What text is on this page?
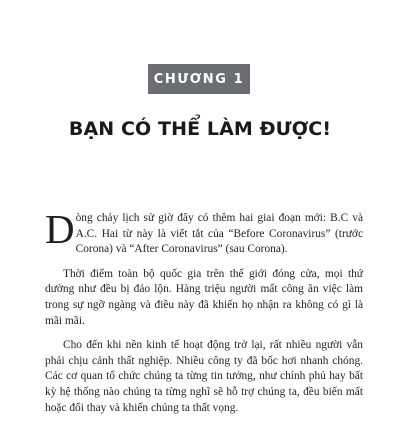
CHƯƠNG 1
BẠN CÓ THỂ LÀM ĐƯỢC!

Dòng chảy lịch sử giờ đây có thêm hai giai đoạn mới: B.C và A.C. Hai từ này là viết tắt của “Before Coronavirus” (trước Corona) và “After Coronavirus” (sau Corona).

Thời điểm toàn bộ quốc gia trên thế giới đóng cửa, mọi thứ dường như đều bị đảo lộn. Hàng triệu người mất công ăn việc làm trong sự ngỡ ngàng và điều này đã khiến họ nhận ra không có gì là mãi mãi.

Cho đến khi nền kinh tế hoạt động trở lại, rất nhiều người vẫn phải chịu cảnh thất nghiệp. Nhiều công ty đã bốc hơi nhanh chóng. Các cơ quan tổ chức chúng ta từng tin tưởng, như chính phủ hay bất kỳ hệ thống nào chúng ta từng nghĩ sẽ hỗ trợ chúng ta, đều biến mất hoặc đổi thay và khiến chúng ta thất vọng.
